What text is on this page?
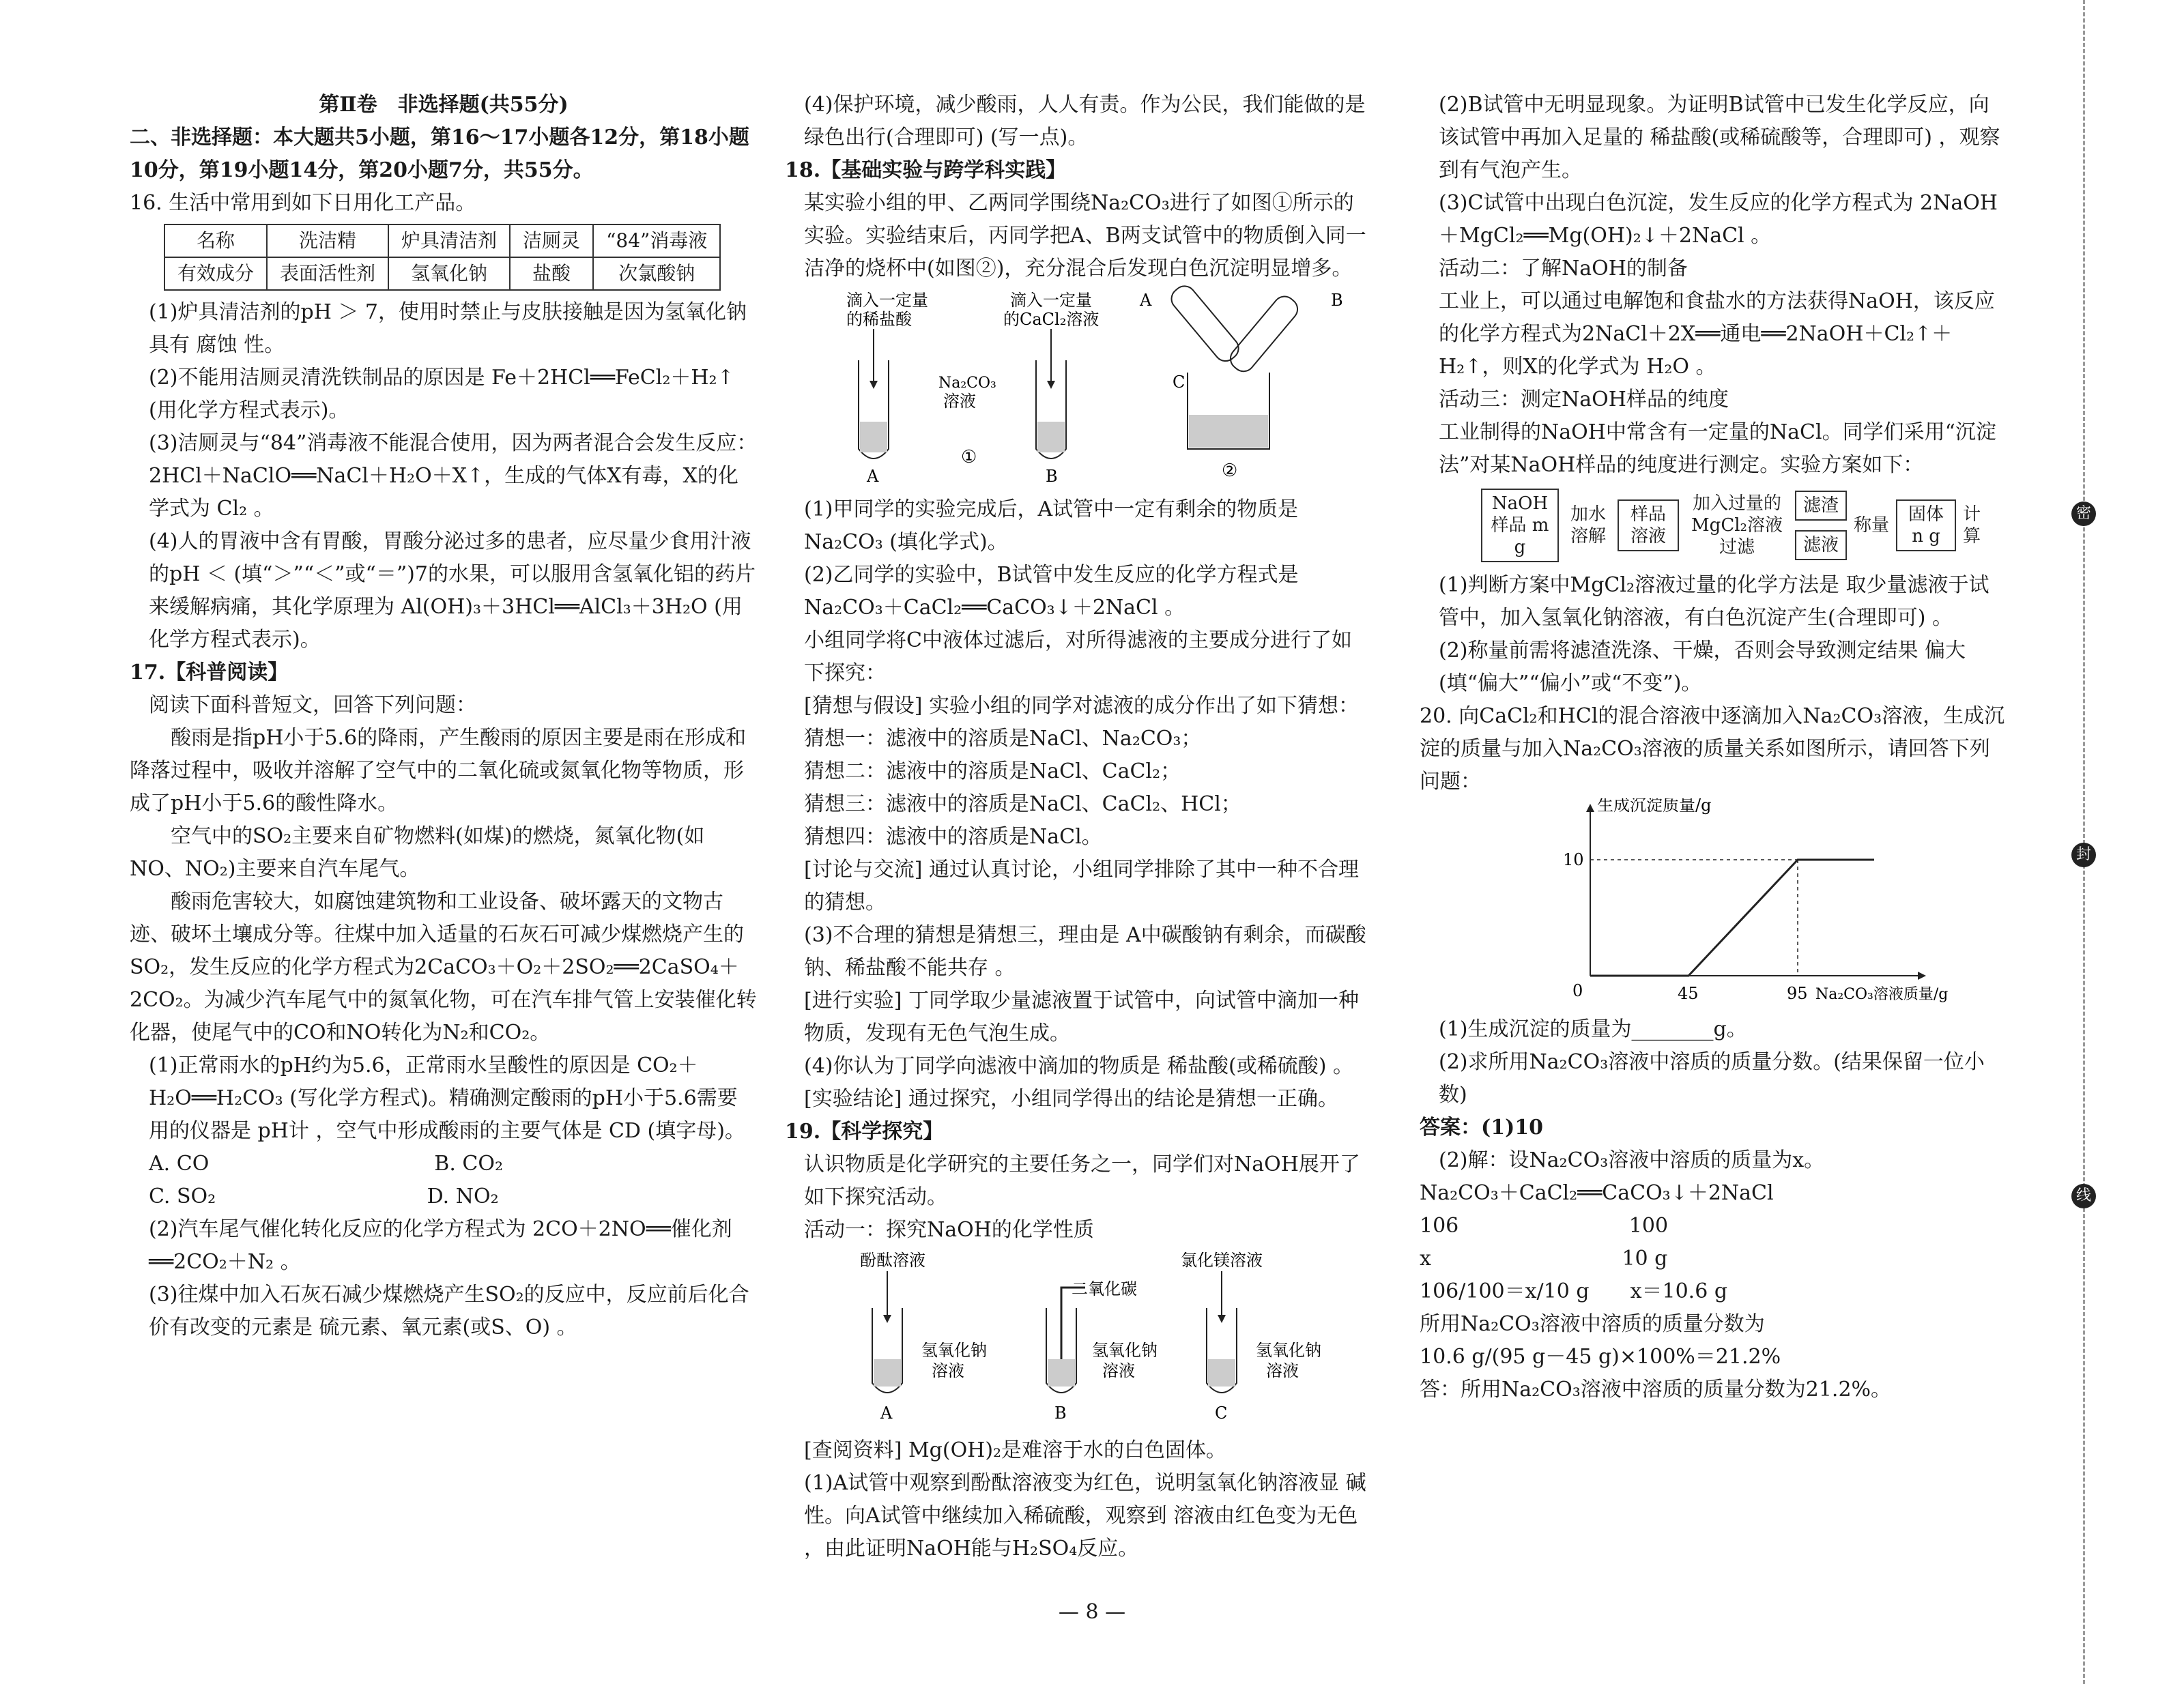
密
封
线

第Ⅱ卷　非选择题(共55分)

二、非选择题：本大题共5小题，第16～17小题各12分，第18小题10分，第19小题14分，第20小题7分，共55分。

16. 生活中常用到如下日用化工产品。

名称	洗洁精	炉具清洁剂	洁厕灵	“84”消毒液
有效成分	表面活性剂	氢氧化钠	盐酸	次氯酸钠

(1)炉具清洁剂的pH ＞ 7，使用时禁止与皮肤接触是因为氢氧化钠具有 腐蚀 性。

(2)不能用洁厕灵清洗铁制品的原因是 Fe＋2HCl══FeCl₂＋H₂↑ (用化学方程式表示)。

(3)洁厕灵与“84”消毒液不能混合使用，因为两者混合会发生反应：2HCl＋NaClO══NaCl＋H₂O＋X↑，生成的气体X有毒，X的化学式为 Cl₂ 。

(4)人的胃液中含有胃酸，胃酸分泌过多的患者，应尽量少食用汁液的pH ＜ (填“＞”“＜”或“＝”)7的水果，可以服用含氢氧化铝的药片来缓解病痛，其化学原理为 Al(OH)₃＋3HCl══AlCl₃＋3H₂O (用化学方程式表示)。

17.【科普阅读】

阅读下面科普短文，回答下列问题：

酸雨是指pH小于5.6的降雨，产生酸雨的原因主要是雨在形成和降落过程中，吸收并溶解了空气中的二氧化硫或氮氧化物等物质，形成了pH小于5.6的酸性降水。

空气中的SO₂主要来自矿物燃料(如煤)的燃烧，氮氧化物(如NO、NO₂)主要来自汽车尾气。

酸雨危害较大，如腐蚀建筑物和工业设备、破坏露天的文物古迹、破坏土壤成分等。往煤中加入适量的石灰石可减少煤燃烧产生的SO₂，发生反应的化学方程式为2CaCO₃＋O₂＋2SO₂══2CaSO₄＋2CO₂。为减少汽车尾气中的氮氧化物，可在汽车排气管上安装催化转化器，使尾气中的CO和NO转化为N₂和CO₂。

(1)正常雨水的pH约为5.6，正常雨水呈酸性的原因是 CO₂＋H₂O══H₂CO₃ (写化学方程式)。精确测定酸雨的pH小于5.6需要用的仪器是 pH计 ，空气中形成酸雨的主要气体是 CD (填字母)。

A. CO　　　　　　　　　　　B. CO₂

C. SO₂　　　　　　　　　　 D. NO₂

(2)汽车尾气催化转化反应的化学方程式为 2CO＋2NO══催化剂══2CO₂＋N₂ 。

(3)往煤中加入石灰石减少煤燃烧产生SO₂的反应中，反应前后化合价有改变的元素是 硫元素、氧元素(或S、O) 。

(4)保护环境，减少酸雨，人人有责。作为公民，我们能做的是 绿色出行(合理即可) (写一点)。

18.【基础实验与跨学科实践】

某实验小组的甲、乙两同学围绕Na₂CO₃进行了如图①所示的实验。实验结束后，丙同学把A、B两支试管中的物质倒入同一洁净的烧杯中(如图②)，充分混合后发现白色沉淀明显增多。

滴入一定量
的稀盐酸
滴入一定量
的CaCl₂溶液
Na₂CO₃
溶液
A	B
①
A	B
C
②

(1)甲同学的实验完成后，A试管中一定有剩余的物质是 Na₂CO₃ (填化学式)。

(2)乙同学的实验中，B试管中发生反应的化学方程式是 Na₂CO₃＋CaCl₂══CaCO₃↓＋2NaCl 。

小组同学将C中液体过滤后，对所得滤液的主要成分进行了如下探究：

[猜想与假设] 实验小组的同学对滤液的成分作出了如下猜想：

猜想一：滤液中的溶质是NaCl、Na₂CO₃；

猜想二：滤液中的溶质是NaCl、CaCl₂；

猜想三：滤液中的溶质是NaCl、CaCl₂、HCl；

猜想四：滤液中的溶质是NaCl。

[讨论与交流] 通过认真讨论，小组同学排除了其中一种不合理的猜想。

(3)不合理的猜想是猜想三，理由是 A中碳酸钠有剩余，而碳酸钠、稀盐酸不能共存 。

[进行实验] 丁同学取少量滤液置于试管中，向试管中滴加一种物质，发现有无色气泡生成。

(4)你认为丁同学向滤液中滴加的物质是 稀盐酸(或稀硫酸) 。

[实验结论] 通过探究，小组同学得出的结论是猜想一正确。

19.【科学探究】

认识物质是化学研究的主要任务之一，同学们对NaOH展开了如下探究活动。

活动一：探究NaOH的化学性质

酚酞溶液
二氧化碳
氯化镁溶液
氢氧化钠
溶液
氢氧化钠
溶液
氢氧化钠
溶液
A	B	C

[查阅资料] Mg(OH)₂是难溶于水的白色固体。

(1)A试管中观察到酚酞溶液变为红色，说明氢氧化钠溶液显 碱 性。向A试管中继续加入稀硫酸，观察到 溶液由红色变为无色 ，由此证明NaOH能与H₂SO₄反应。

(2)B试管中无明显现象。为证明B试管中已发生化学反应，向该试管中再加入足量的 稀盐酸(或稀硫酸等，合理即可) ，观察到有气泡产生。

(3)C试管中出现白色沉淀，发生反应的化学方程式为 2NaOH＋MgCl₂══Mg(OH)₂↓＋2NaCl 。

活动二：了解NaOH的制备

工业上，可以通过电解饱和食盐水的方法获得NaOH，该反应的化学方程式为2NaCl＋2X══通电══2NaOH＋Cl₂↑＋H₂↑，则X的化学式为 H₂O 。

活动三：测定NaOH样品的纯度

工业制得的NaOH中常含有一定量的NaCl。同学们采用“沉淀法”对某NaOH样品的纯度进行测定。实验方案如下：

NaOH样品 m g
加水溶解
样品溶液
加入过量的MgCl₂溶液 过滤
滤渣
滤液
称量
固体 n g
计算

(1)判断方案中MgCl₂溶液过量的化学方法是 取少量滤液于试管中，加入氢氧化钠溶液，有白色沉淀产生(合理即可) 。

(2)称量前需将滤渣洗涤、干燥，否则会导致测定结果 偏大 (填“偏大”“偏小”或“不变”)。

20. 向CaCl₂和HCl的混合溶液中逐滴加入Na₂CO₃溶液，生成沉淀的质量与加入Na₂CO₃溶液的质量关系如图所示，请回答下列问题：

生成沉淀质量/g
Na₂CO₃溶液质量/g
0	45	95
10

(1)生成沉淀的质量为________g。

(2)求所用Na₂CO₃溶液中溶质的质量分数。(结果保留一位小数)

答案：(1)10

(2)解：设Na₂CO₃溶液中溶质的质量为x。

Na₂CO₃＋CaCl₂══CaCO₃↓＋2NaCl

106　　　　　　　　 100

x　　　　　　　　　 10 g

106/100＝x/10 g　　x＝10.6 g

所用Na₂CO₃溶液中溶质的质量分数为

10.6 g/(95 g－45 g)×100%＝21.2%

答：所用Na₂CO₃溶液中溶质的质量分数为21.2%。

— 8 —
